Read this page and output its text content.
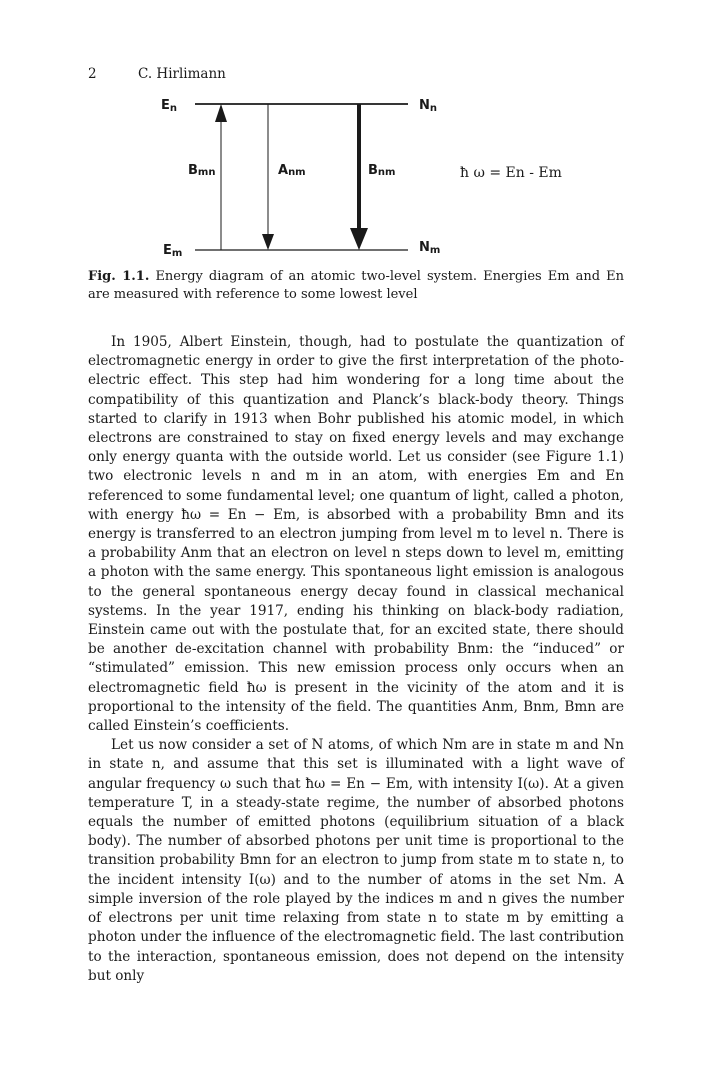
2	C. Hirlimann
En
Em
Nn
Nm
Bmn	Anm	Bnm	ħ ω = En - Em
Fig. 1.1. Energy diagram of an atomic two-level system. Energies Em and En are measured with reference to some lowest level

In 1905, Albert Einstein, though, had to postulate the quantization of electromagnetic energy in order to give the first interpretation of the photo-electric effect. This step had him wondering for a long time about the compatibility of this quantization and Planck’s black-body theory. Things started to clarify in 1913 when Bohr published his atomic model, in which electrons are constrained to stay on fixed energy levels and may exchange only energy quanta with the outside world. Let us consider (see Figure 1.1) two electronic levels n and m in an atom, with energies Em and En referenced to some fundamental level; one quantum of light, called a photon, with energy ħω = En − Em, is absorbed with a probability Bmn and its energy is transferred to an electron jumping from level m to level n. There is a probability Anm that an electron on level n steps down to level m, emitting a photon with the same energy. This spontaneous light emission is analogous to the general spontaneous energy decay found in classical mechanical systems. In the year 1917, ending his thinking on black-body radiation, Einstein came out with the postulate that, for an excited state, there should be another de-excitation channel with probability Bnm: the “induced” or “stimulated” emission. This new emission process only occurs when an electromagnetic field ħω is present in the vicinity of the atom and it is proportional to the intensity of the field. The quantities Anm, Bnm, Bmn are called Einstein’s coefficients.

Let us now consider a set of N atoms, of which Nm are in state m and Nn in state n, and assume that this set is illuminated with a light wave of angular frequency ω such that ħω = En − Em, with intensity I(ω). At a given temperature T, in a steady-state regime, the number of absorbed photons equals the number of emitted photons (equilibrium situation of a black body). The number of absorbed photons per unit time is proportional to the transition probability Bmn for an electron to jump from state m to state n, to the incident intensity I(ω) and to the number of atoms in the set Nm. A simple inversion of the role played by the indices m and n gives the number of electrons per unit time relaxing from state n to state m by emitting a photon under the influence of the electromagnetic field. The last contribution to the interaction, spontaneous emission, does not depend on the intensity but only
